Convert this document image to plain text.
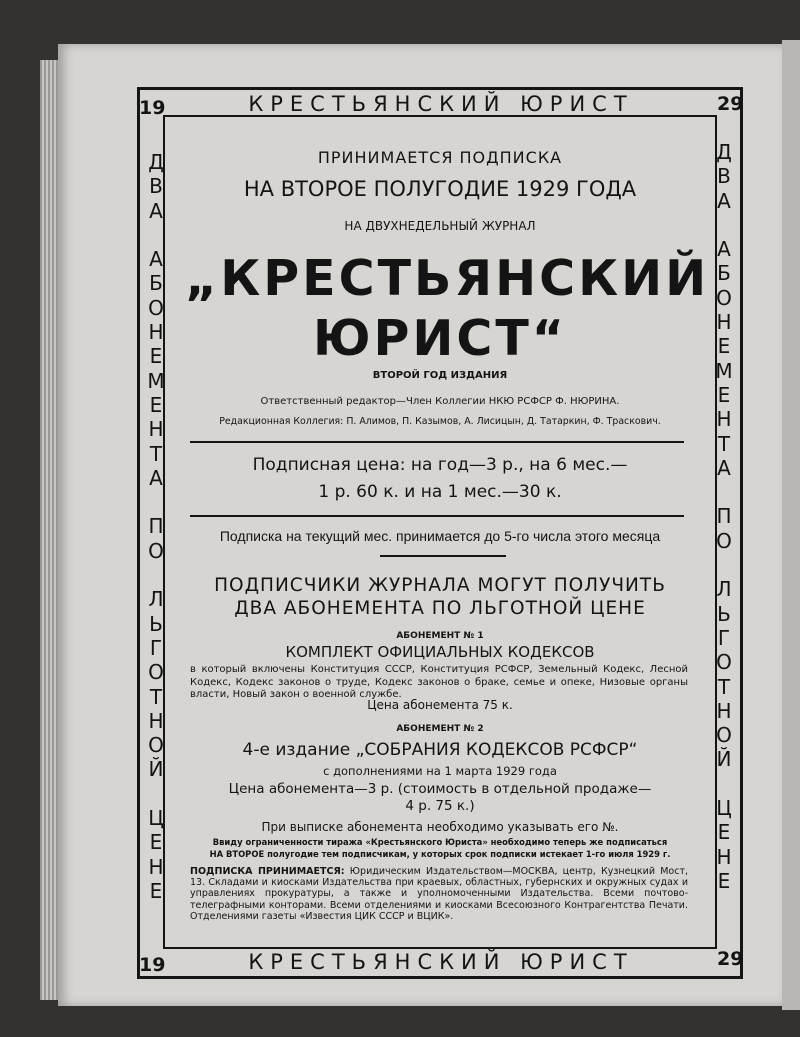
19	29
19	29
КРЕСТЬЯНСКИЙ ЮРИСТ
КРЕСТЬЯНСКИЙ ЮРИСТ
Д
В
А

А
Б
О
Н
Е
М
Е
Н
Т
А

П
О

Л
Ь
Г
О
Т
Н
О
Й

Ц
Е
Н
Е
Д
В
А

А
Б
О
Н
Е
М
Е
Н
Т
А

П
О

Л
Ь
Г
О
Т
Н
О
Й

Ц
Е
Н
Е
ПРИНИМАЕТСЯ ПОДПИСКА
НА ВТОРОЕ ПОЛУГОДИЕ 1929 ГОДА
НА ДВУХНЕДЕЛЬНЫЙ ЖУРНАЛ
„КРЕСТЬЯНСКИЙ
ЮРИСТ“
ВТОРОЙ ГОД ИЗДАНИЯ
Ответственный редактор—Член Коллегии НКЮ РСФСР Ф. НЮРИНА.
Редакционная Коллегия: П. Алимов, П. Казымов, А. Лисицын, Д. Татаркин, Ф. Траскович.
Подписная цена: на год—3 р., на 6 мес.—
1 р. 60 к. и на 1 мес.—30 к.
Подписка на текущий мес. принимается до 5-го числа этого месяца
ПОДПИСЧИКИ ЖУРНАЛА МОГУТ ПОЛУЧИТЬ
ДВА АБОНЕМЕНТА ПО ЛЬГОТНОЙ ЦЕНЕ
АБОНЕМЕНТ № 1
КОМПЛЕКТ ОФИЦИАЛЬНЫХ КОДЕКСОВ
в который включены Конституция СССР, Конституция РСФСР, Земельный Кодекс, Лесной Кодекс, Кодекс законов о труде, Кодекс законов о браке, семье и опеке, Низовые органы власти, Новый закон о военной службе.
Цена абонемента 75 к.
АБОНЕМЕНТ № 2
4-е издание „СОБРАНИЯ КОДЕКСОВ РСФСР“
с дополнениями на 1 марта 1929 года
Цена абонемента—3 р. (стоимость в отдельной продаже—
4 р. 75 к.)
При выписке абонемента необходимо указывать его №.
Ввиду ограниченности тиража «Крестьянского Юриста» необходимо теперь же подписаться
НА ВТОРОЕ полугодие тем подписчикам, у которых срок подписки истекает 1-го июля 1929 г.
ПОДПИСКА ПРИНИМАЕТСЯ: Юридическим Издательством—МОСКВА, центр, Кузнецкий Мост, 13. Складами и киосками Издательства при краевых, областных, губернских и окружных судах и управлениях прокуратуры, а также и уполномоченными Издательства. Всеми почтово-телеграфными конторами. Всеми отделениями и киосками Всесоюзного Контрагентства Печати. Отделениями газеты «Известия ЦИК СССР и ВЦИК».
